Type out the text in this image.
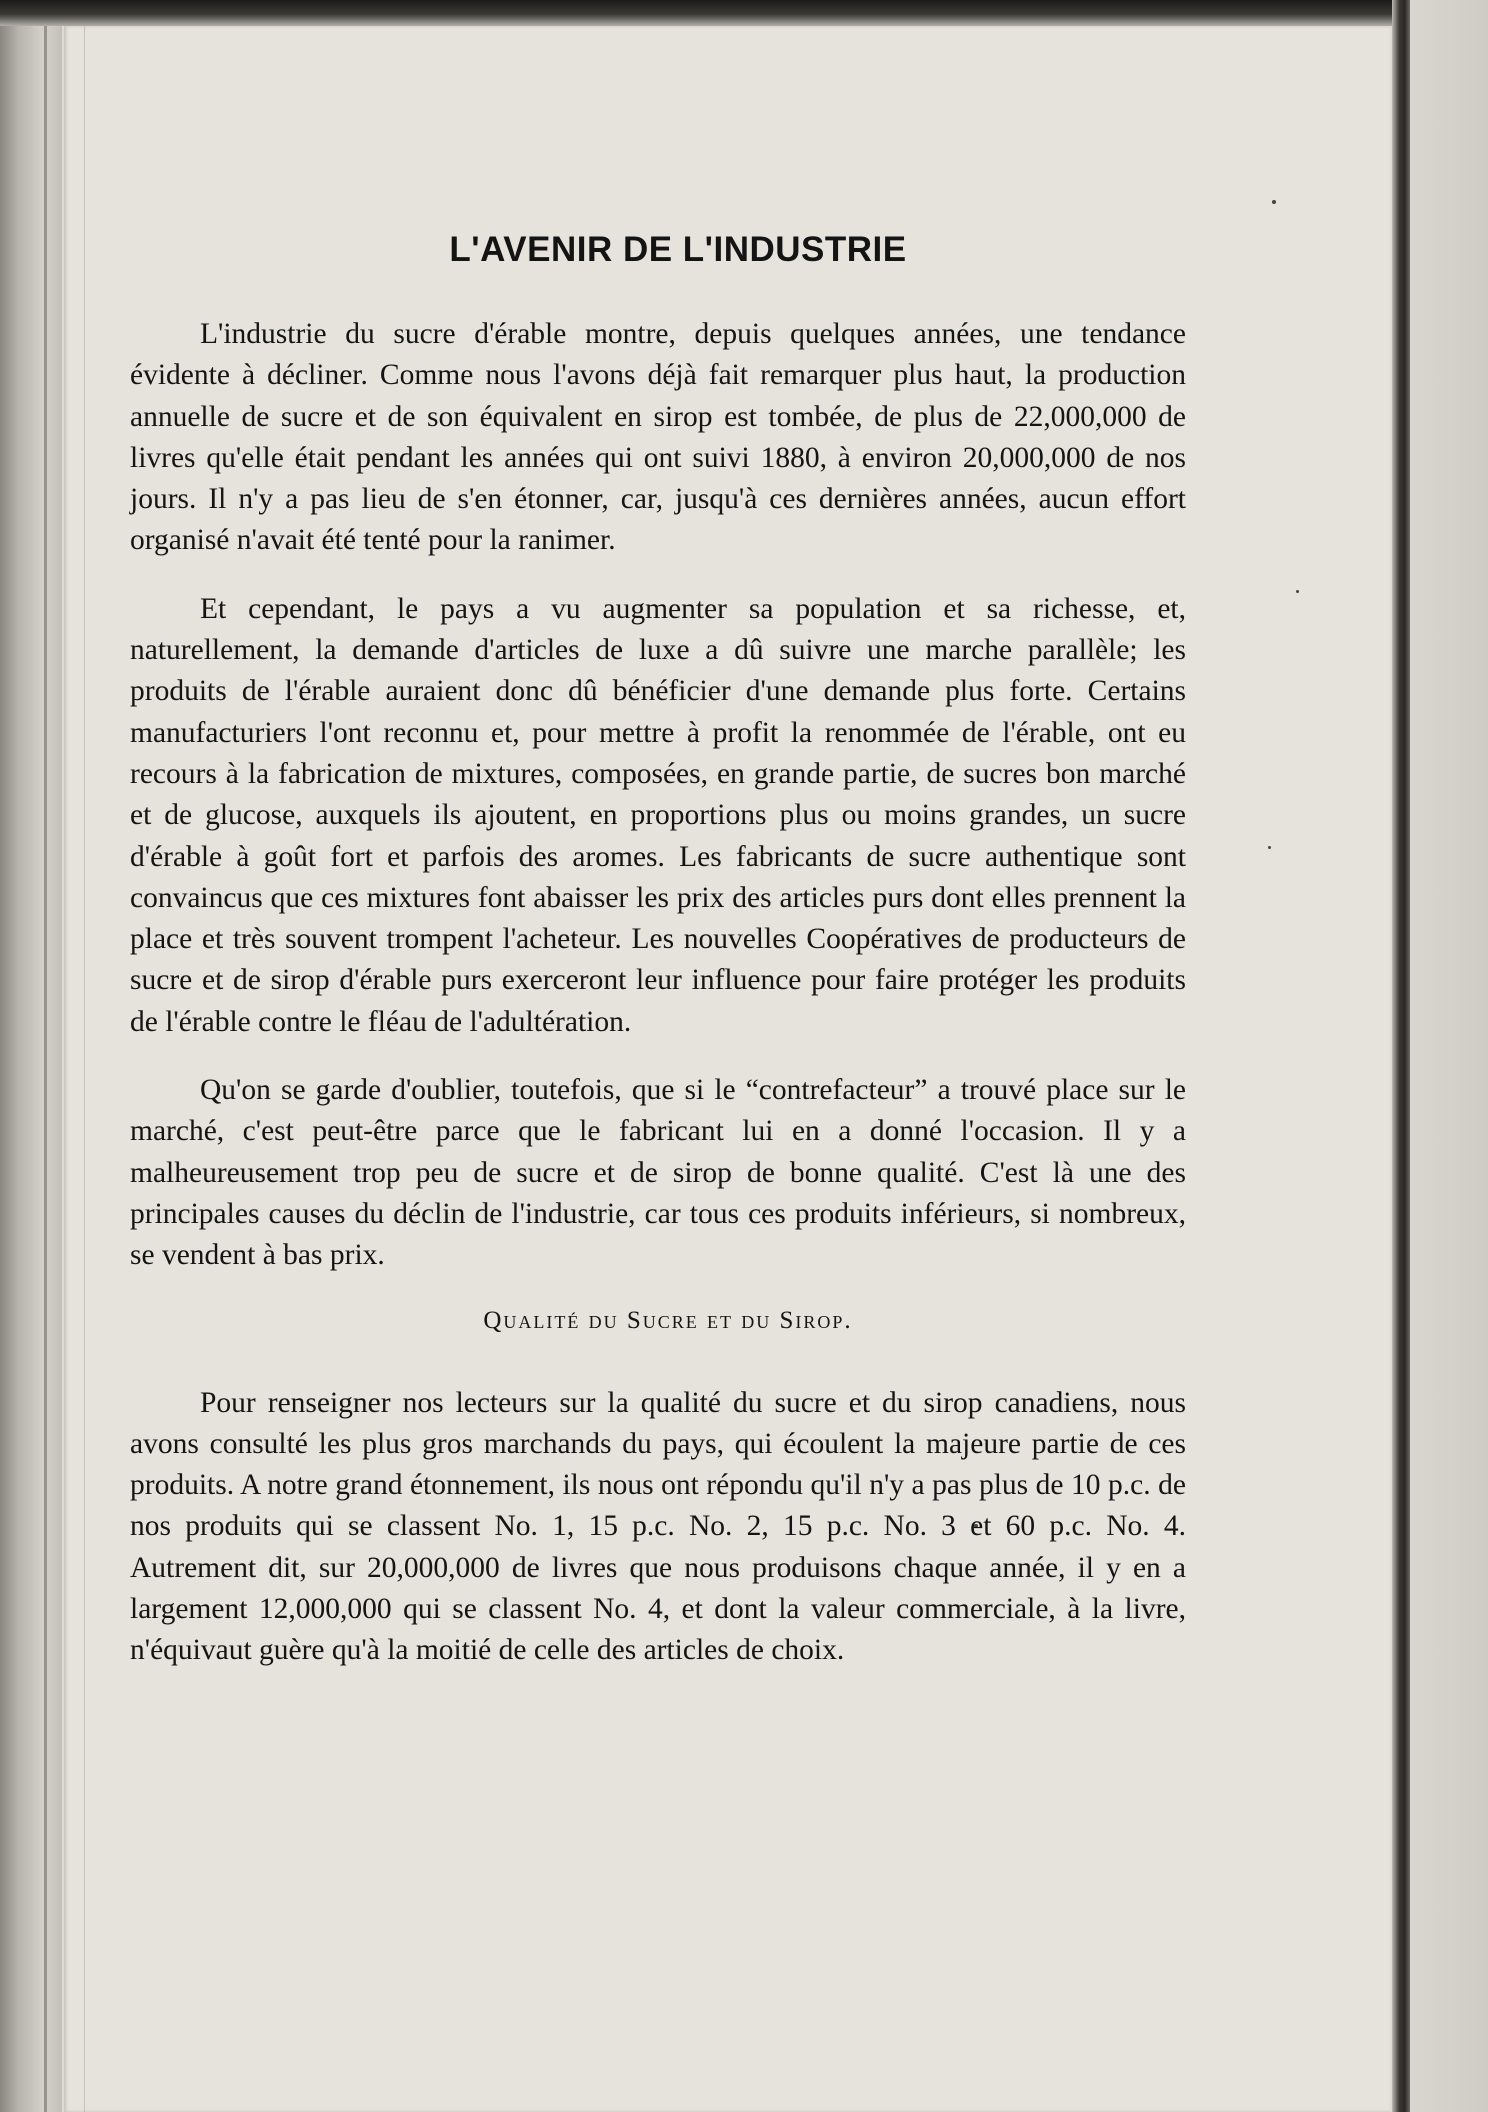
L'AVENIR DE L'INDUSTRIE

L'industrie du sucre d'érable montre, depuis quelques années, une tendance évidente à décliner. Comme nous l'avons déjà fait remarquer plus haut, la production annuelle de sucre et de son équivalent en sirop est tombée, de plus de 22,000,000 de livres qu'elle était pendant les années qui ont suivi 1880, à environ 20,000,000 de nos jours. Il n'y a pas lieu de s'en étonner, car, jusqu'à ces dernières années, aucun effort organisé n'avait été tenté pour la ranimer.

Et cependant, le pays a vu augmenter sa population et sa richesse, et, naturellement, la demande d'articles de luxe a dû suivre une marche parallèle; les produits de l'érable auraient donc dû bénéficier d'une demande plus forte. Certains manufacturiers l'ont reconnu et, pour mettre à profit la renommée de l'érable, ont eu recours à la fabrication de mixtures, composées, en grande partie, de sucres bon marché et de glucose, auxquels ils ajoutent, en proportions plus ou moins grandes, un sucre d'érable à goût fort et parfois des aromes. Les fabricants de sucre authentique sont convaincus que ces mixtures font abaisser les prix des articles purs dont elles prennent la place et très souvent trompent l'acheteur. Les nouvelles Coopératives de producteurs de sucre et de sirop d'érable purs exerceront leur influence pour faire protéger les produits de l'érable contre le fléau de l'adultération.

Qu'on se garde d'oublier, toutefois, que si le “contrefacteur” a trouvé place sur le marché, c'est peut-être parce que le fabricant lui en a donné l'occasion. Il y a malheureusement trop peu de sucre et de sirop de bonne qualité. C'est là une des principales causes du déclin de l'industrie, car tous ces produits inférieurs, si nombreux, se vendent à bas prix.

Qualité du Sucre et du Sirop.

Pour renseigner nos lecteurs sur la qualité du sucre et du sirop canadiens, nous avons consulté les plus gros marchands du pays, qui écoulent la majeure partie de ces produits. A notre grand étonnement, ils nous ont répondu qu'il n'y a pas plus de 10 p.c. de nos produits qui se classent No. 1, 15 p.c. No. 2, 15 p.c. No. 3 et 60 p.c. No. 4. Autrement dit, sur 20,000,000 de livres que nous produisons chaque année, il y en a largement 12,000,000 qui se classent No. 4, et dont la valeur commerciale, à la livre, n'équivaut guère qu'à la moitié de celle des articles de choix.
